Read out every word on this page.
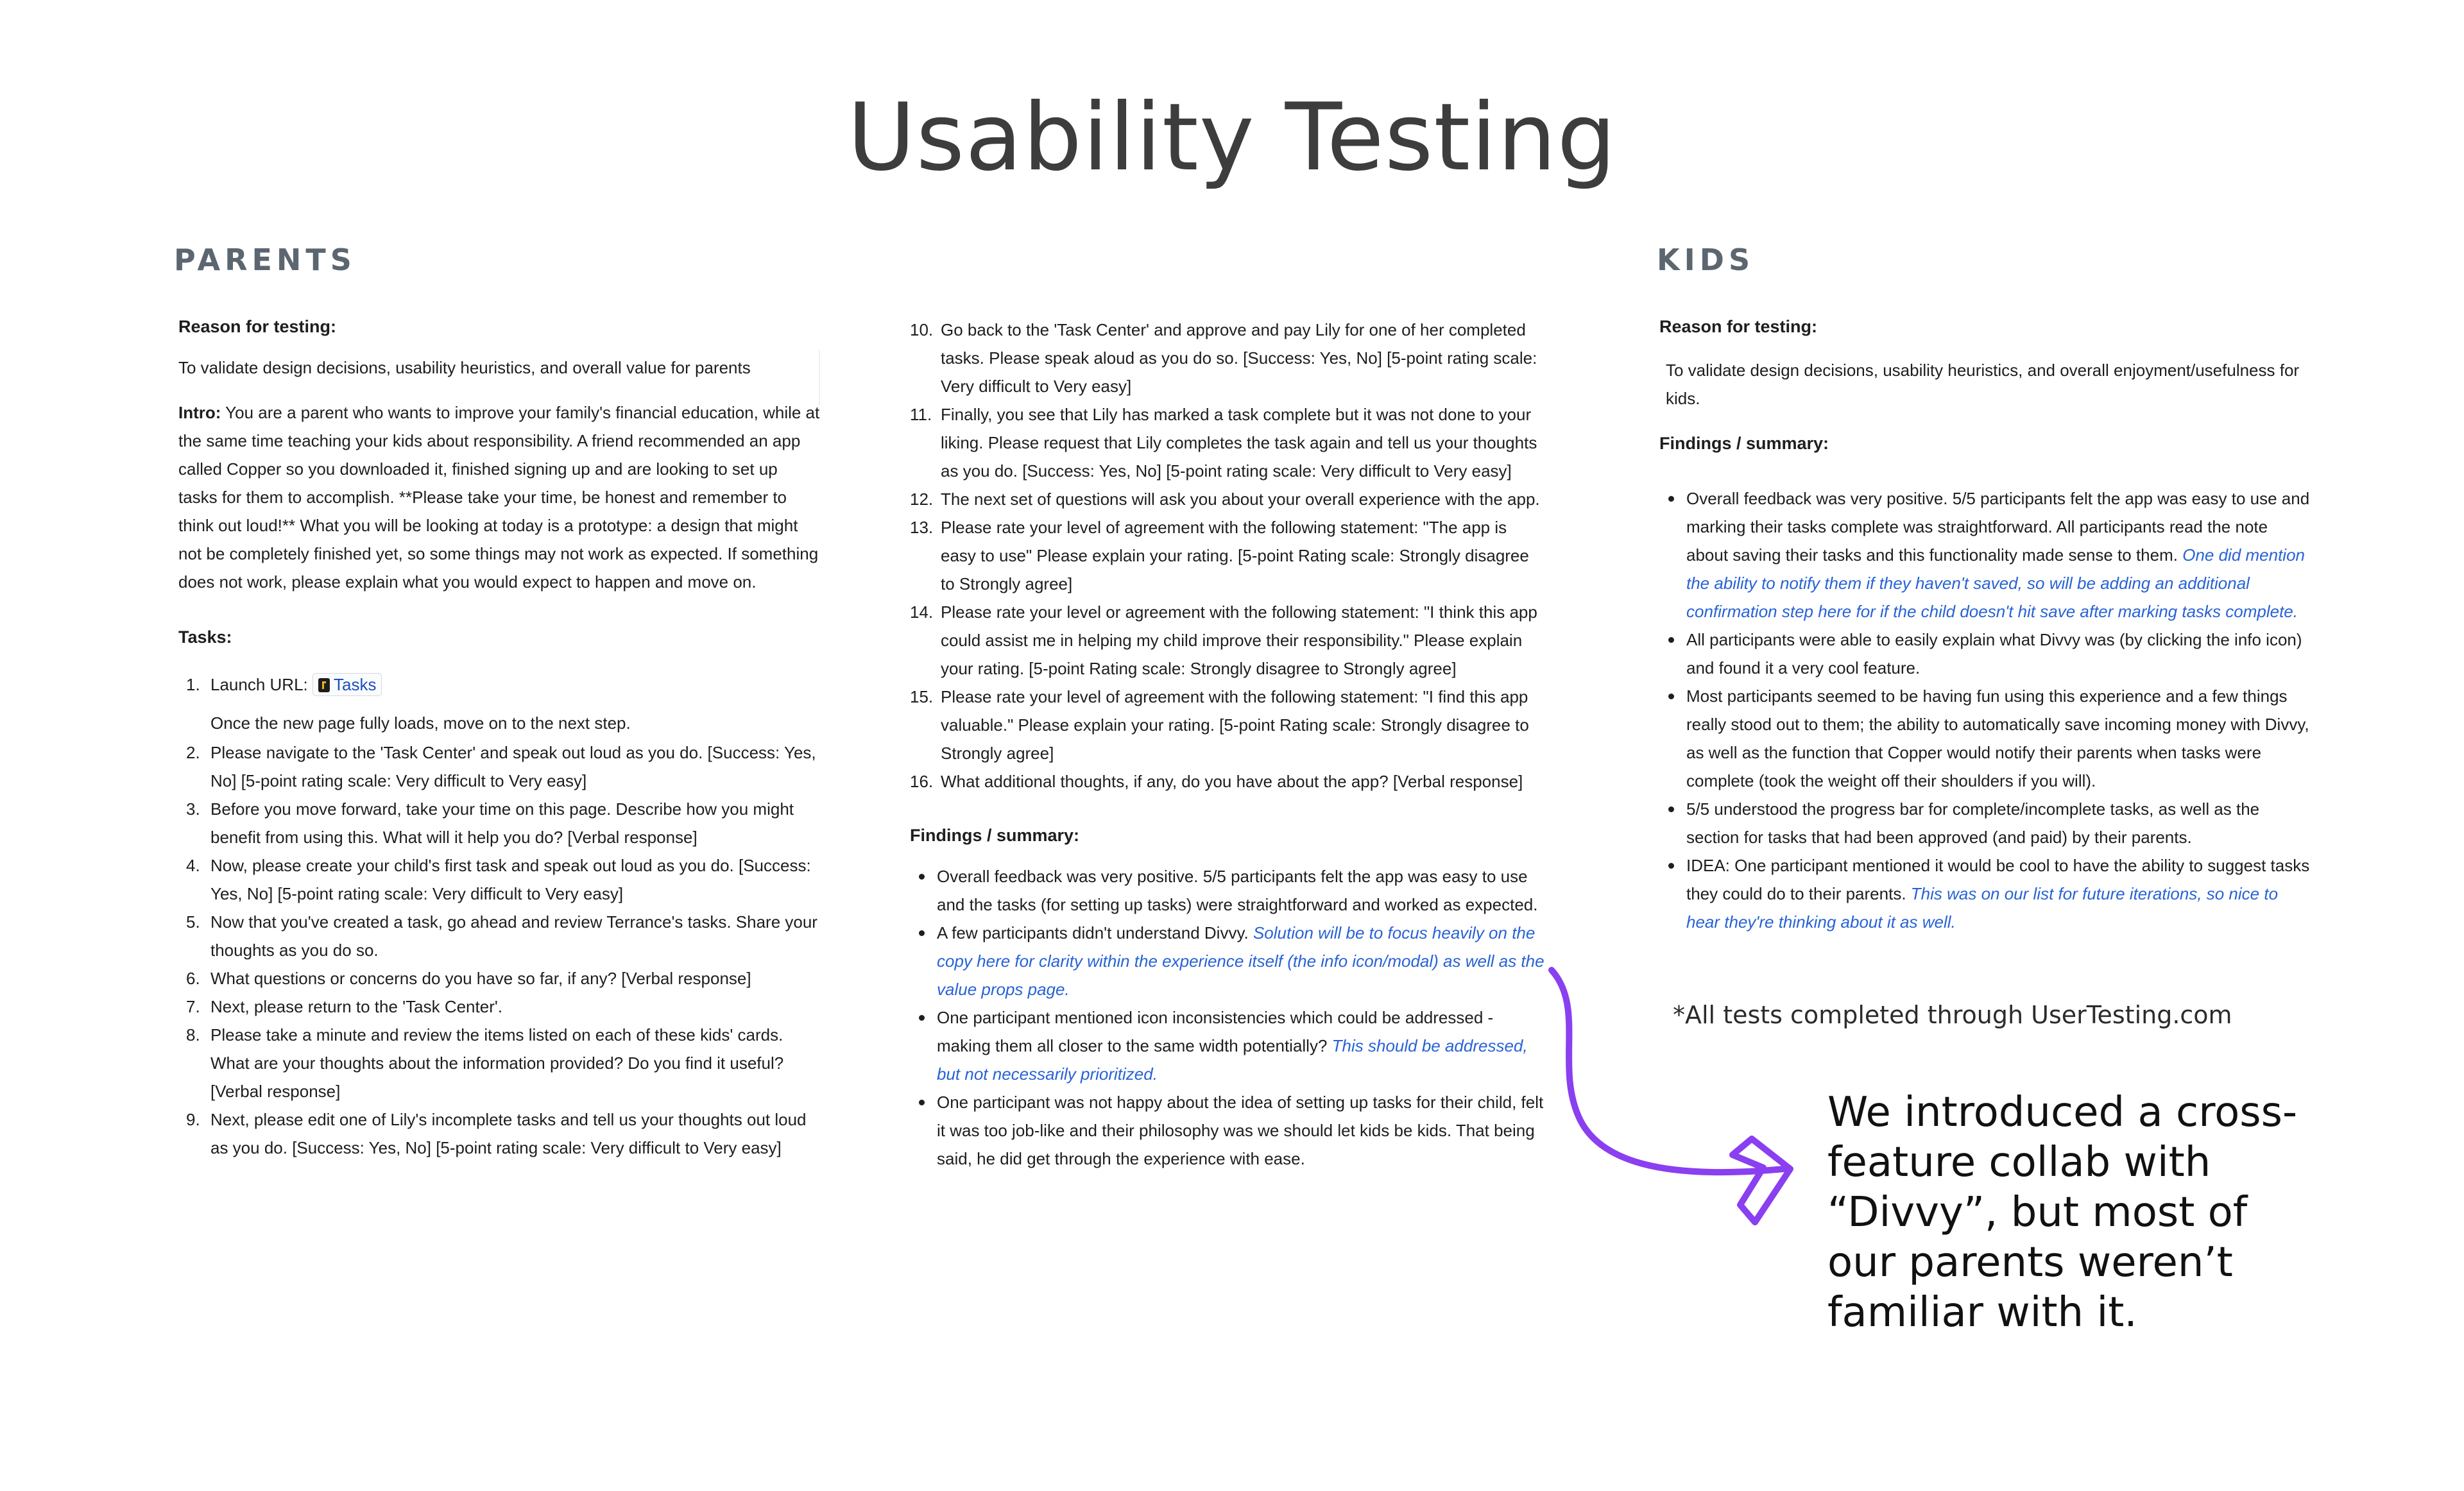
Usability Testing
PARENTS	KIDS

Reason for testing:

To validate design decisions, usability heuristics, and overall value for parents

Intro: You are a parent who wants to improve your family's financial education, while at the same time teaching your kids about responsibility. A friend recommended an app called Copper so you downloaded it, finished signing up and are looking to set up tasks for them to accomplish. **Please take your time, be honest and remember to think out loud!** What you will be looking at today is a prototype: a design that might not be completely finished yet, so some things may not work as expected. If something does not work, please explain what you would expect to happen and move on.

Tasks:

1. Launch URL: Tasks
Once the new page fully loads, move on to the next step.
2. Please navigate to the 'Task Center' and speak out loud as you do. [Success: Yes, No] [5-point rating scale: Very difficult to Very easy]
3. Before you move forward, take your time on this page. Describe how you might benefit from using this. What will it help you do? [Verbal response]
4. Now, please create your child's first task and speak out loud as you do. [Success: Yes, No] [5-point rating scale: Very difficult to Very easy]
5. Now that you've created a task, go ahead and review Terrance's tasks. Share your thoughts as you do so.
6. What questions or concerns do you have so far, if any? [Verbal response]
7. Next, please return to the 'Task Center'.
8. Please take a minute and review the items listed on each of these kids' cards. What are your thoughts about the information provided? Do you find it useful? [Verbal response]
9. Next, please edit one of Lily's incomplete tasks and tell us your thoughts out loud as you do. [Success: Yes, No] [5-point rating scale: Very difficult to Very easy]
10. Go back to the 'Task Center' and approve and pay Lily for one of her completed tasks. Please speak aloud as you do so. [Success: Yes, No] [5-point rating scale: Very difficult to Very easy]
11. Finally, you see that Lily has marked a task complete but it was not done to your liking. Please request that Lily completes the task again and tell us your thoughts as you do. [Success: Yes, No] [5-point rating scale: Very difficult to Very easy]
12. The next set of questions will ask you about your overall experience with the app.
13. Please rate your level of agreement with the following statement: "The app is easy to use" Please explain your rating. [5-point Rating scale: Strongly disagree to Strongly agree]
14. Please rate your level or agreement with the following statement: "I think this app could assist me in helping my child improve their responsibility." Please explain your rating. [5-point Rating scale: Strongly disagree to Strongly agree]
15. Please rate your level of agreement with the following statement: "I find this app valuable." Please explain your rating. [5-point Rating scale: Strongly disagree to Strongly agree]
16. What additional thoughts, if any, do you have about the app? [Verbal response]

Findings / summary:

Overall feedback was very positive. 5/5 participants felt the app was easy to use and the tasks (for setting up tasks) were straightforward and worked as expected.
A few participants didn't understand Divvy. Solution will be to focus heavily on the copy here for clarity within the experience itself (the info icon/modal) as well as the value props page.
One participant mentioned icon inconsistencies which could be addressed - making them all closer to the same width potentially? This should be addressed, but not necessarily prioritized.
One participant was not happy about the idea of setting up tasks for their child, felt it was too job-like and their philosophy was we should let kids be kids. That being said, he did get through the experience with ease.

Reason for testing:

To validate design decisions, usability heuristics, and overall enjoyment/usefulness for kids.

Findings / summary:

Overall feedback was very positive. 5/5 participants felt the app was easy to use and marking their tasks complete was straightforward. All participants read the note about saving their tasks and this functionality made sense to them. One did mention the ability to notify them if they haven't saved, so will be adding an additional confirmation step here for if the child doesn't hit save after marking tasks complete.
All participants were able to easily explain what Divvy was (by clicking the info icon) and found it a very cool feature.
Most participants seemed to be having fun using this experience and a few things really stood out to them; the ability to automatically save incoming money with Divvy, as well as the function that Copper would notify their parents when tasks were complete (took the weight off their shoulders if you will).
5/5 understood the progress bar for complete/incomplete tasks, as well as the section for tasks that had been approved (and paid) by their parents.
IDEA: One participant mentioned it would be cool to have the ability to suggest tasks they could do to their parents. This was on our list for future iterations, so nice to hear they're thinking about it as well.
*All tests completed through UserTesting.com
We introduced a cross-feature collab with “Divvy”, but most of our parents weren’t familiar with it.
